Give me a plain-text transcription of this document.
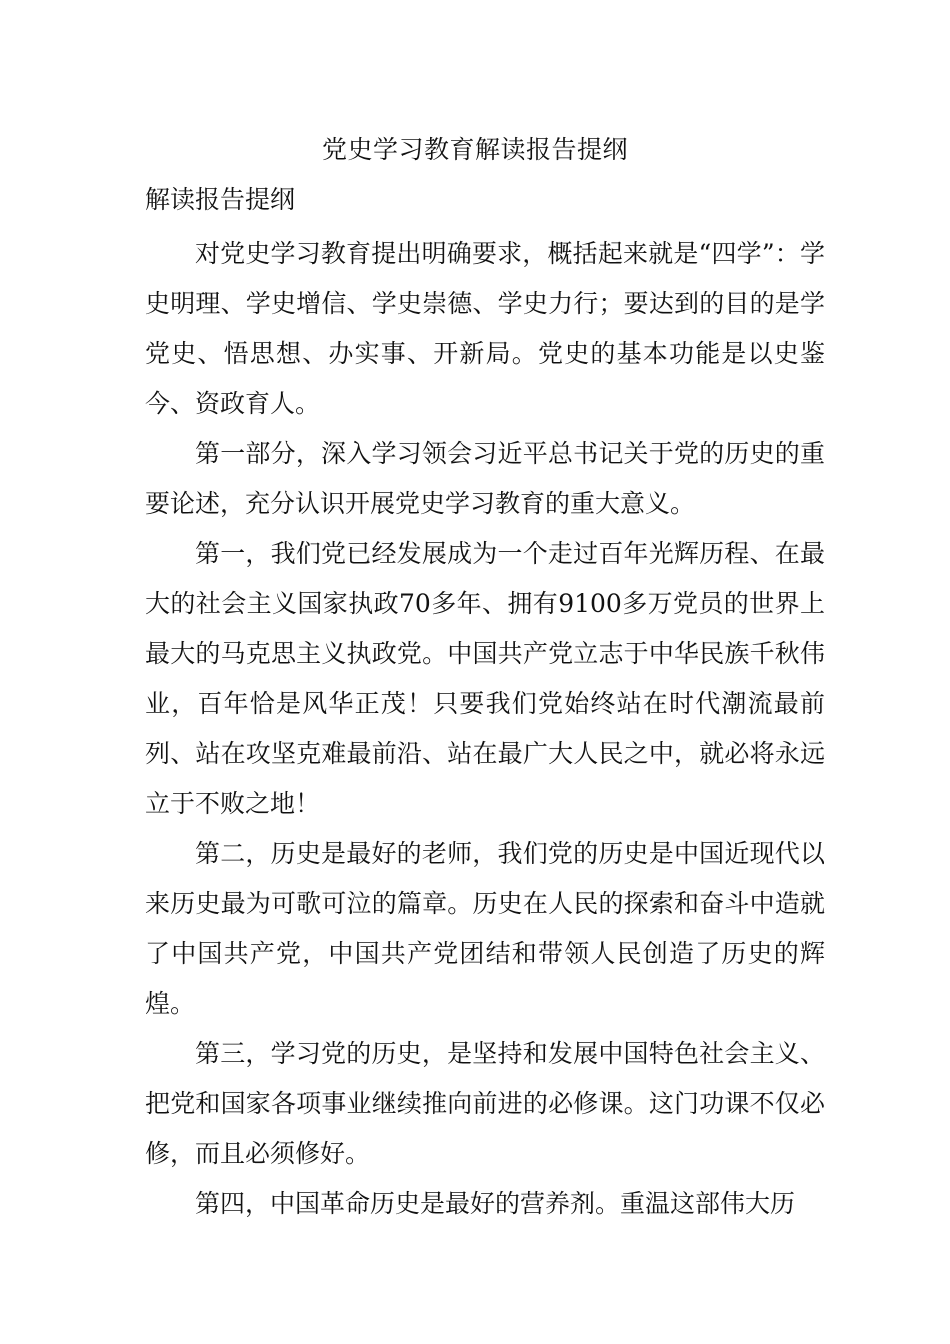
党史学习教育解读报告提纲
解读报告提纲

对党史学习教育提出明确要求，概括起来就是“四学”：学史明理、学史增信、学史崇德、学史力行；要达到的目的是学党史、悟思想、办实事、开新局。党史的基本功能是以史鉴今、资政育人。

第一部分，深入学习领会习近平总书记关于党的历史的重要论述，充分认识开展党史学习教育的重大意义。

第一，我们党已经发展成为一个走过百年光辉历程、在最大的社会主义国家执政70多年、拥有9100多万党员的世界上最大的马克思主义执政党。中国共产党立志于中华民族千秋伟业，百年恰是风华正茂！只要我们党始终站在时代潮流最前列、站在攻坚克难最前沿、站在最广大人民之中，就必将永远立于不败之地！

第二，历史是最好的老师，我们党的历史是中国近现代以来历史最为可歌可泣的篇章。历史在人民的探索和奋斗中造就了中国共产党，中国共产党团结和带领人民创造了历史的辉煌。

第三，学习党的历史，是坚持和发展中国特色社会主义、把党和国家各项事业继续推向前进的必修课。这门功课不仅必修，而且必须修好。

第四，中国革命历史是最好的营养剂。重温这部伟大历
